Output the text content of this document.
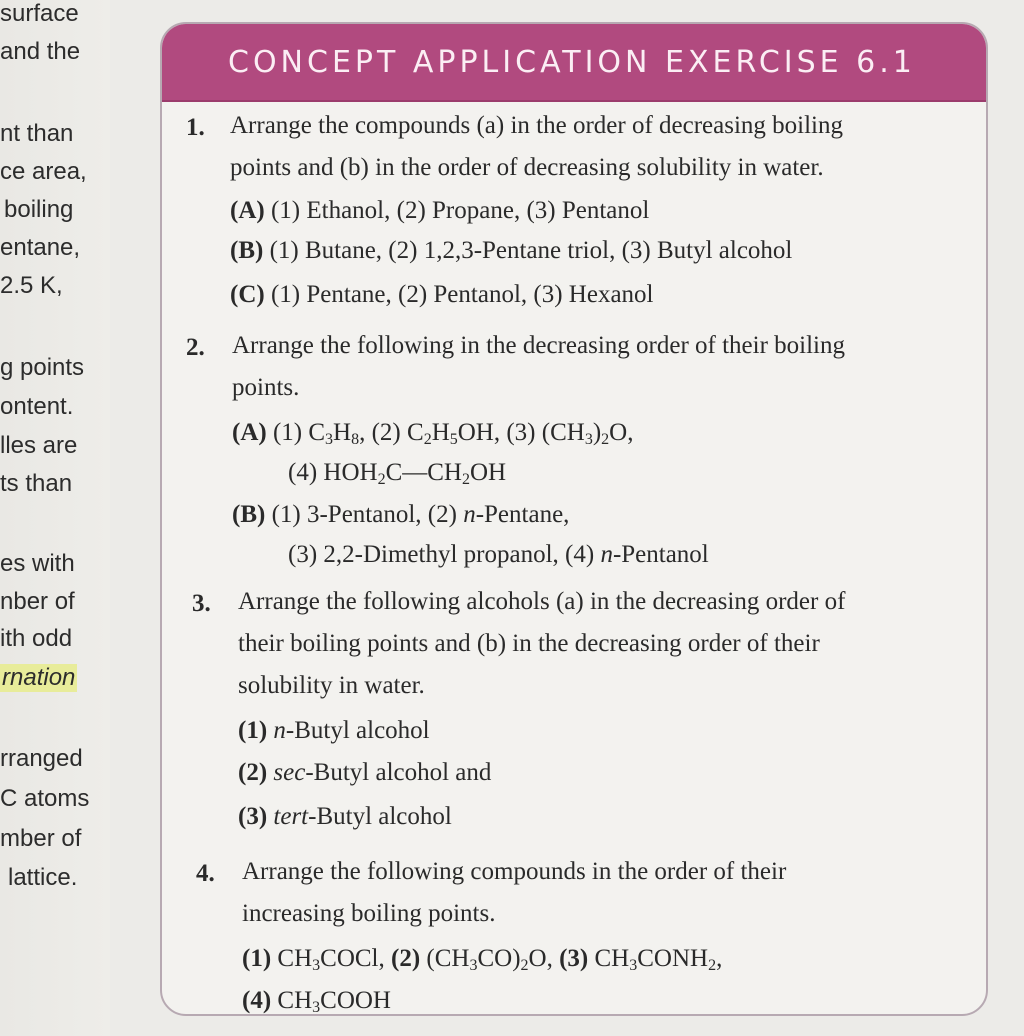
surface
and the
nt than
ce area,
boiling
entane,
2.5 K,
g points
ontent.
lles are
ts than
es with
nber of
ith odd
rnation
rranged
C atoms
mber of
lattice.
CONCEPT APPLICATION EXERCISE 6.1
1. Arrange the compounds (a) in the order of decreasing boiling
points and (b) in the order of decreasing solubility in water.
(A) (1) Ethanol, (2) Propane, (3) Pentanol
(B) (1) Butane, (2) 1,2,3-Pentane triol, (3) Butyl alcohol
(C) (1) Pentane, (2) Pentanol, (3) Hexanol
2. Arrange the following in the decreasing order of their boiling
points.
(A) (1) $C_3H_8$, (2) $C_2H_5OH$, (3) $(CH_3)_2O$,
(4) $HOH_2C—CH_2OH$
(B) (1) 3-Pentanol, (2) n-Pentane,
(3) 2,2-Dimethyl propanol, (4) n-Pentanol
3. Arrange the following alcohols (a) in the decreasing order of
their boiling points and (b) in the decreasing order of their
solubility in water.
(1) n-Butyl alcohol
(2) sec-Butyl alcohol and
(3) tert-Butyl alcohol
4. Arrange the following compounds in the order of their
increasing boiling points.
(1) $CH_3COCl$, (2) $(CH_3CO)_2O$, (3) $CH_3CONH_2$,
(4) $CH_3COOH$
